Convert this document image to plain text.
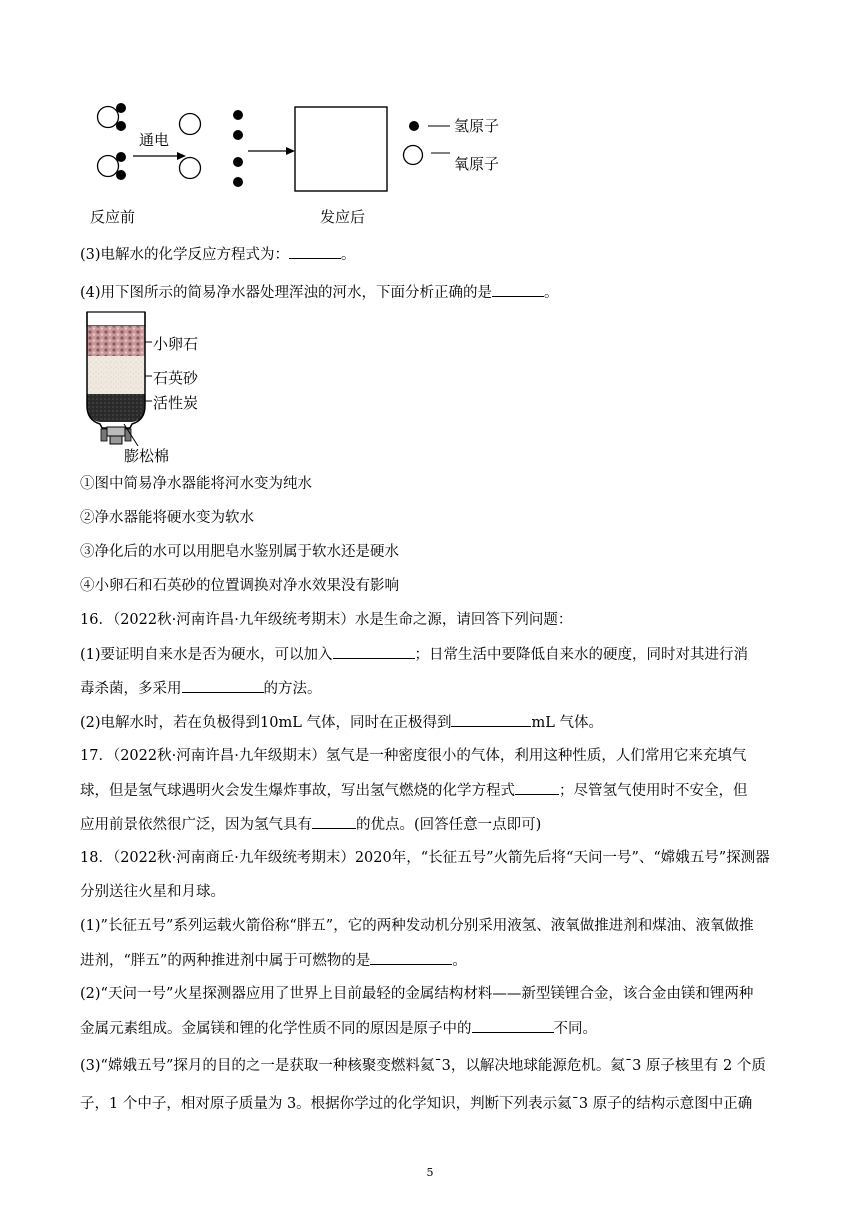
通电
反应前	发应后
氢原子
氧原子
(3)电解水的化学反应方程式为：	。
(4)用下图所示的简易净水器处理浑浊的河水，下面分析正确的是	。
小卵石
石英砂
活性炭
膨松棉
①图中简易净水器能将河水变为纯水
②净水器能将硬水变为软水
③净化后的水可以用肥皂水鉴别属于软水还是硬水
④小卵石和石英砂的位置调换对净水效果没有影响
16．（2022秋·河南许昌·九年级统考期末）水是生命之源，请回答下列问题：
(1)要证明自来水是否为硬水，可以加入	；日常生活中要降低自来水的硬度，同时对其进行消
毒杀菌，多采用	的方法。
(2)电解水时，若在负极得到10mL 气体，同时在正极得到	mL 气体。
17．（2022秋·河南许昌·九年级期末）氢气是一种密度很小的气体，利用这种性质，人们常用它来充填气
球，但是氢气球遇明火会发生爆炸事故，写出氢气燃烧的化学方程式	；尽管氢气使用时不安全，但
应用前景依然很广泛，因为氢气具有	的优点。(回答任意一点即可)
18．（2022秋·河南商丘·九年级统考期末）2020年，“长征五号”火箭先后将“天问一号”、“嫦娥五号”探测器
分别送往火星和月球。
(1)”长征五号”系列运载火箭俗称“胖五”，它的两种发动机分别采用液氢、液氧做推进剂和煤油、液氧做推
进剂，“胖五”的两种推进剂中属于可燃物的是	。
(2)“天问一号”火星探测器应用了世界上目前最轻的金属结构材料——新型镁锂合金，该合金由镁和锂两种
金属元素组成。金属镁和锂的化学性质不同的原因是原子中的	不同。
(3)“嫦娥五号”探月的目的之一是获取一种核聚变燃料氦¯3，以解决地球能源危机。氦¯3 原子核里有 2 个质
子，1 个中子，相对原子质量为 3。根据你学过的化学知识，判断下列表示氦¯3 原子的结构示意图中正确
5
